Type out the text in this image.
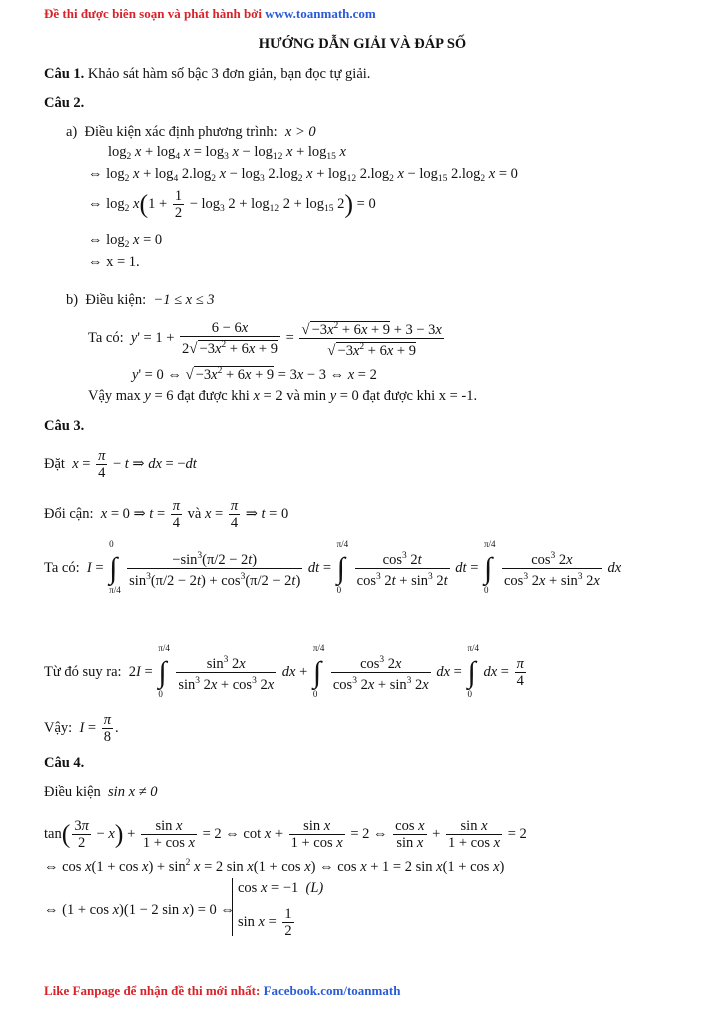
Đề thi được biên soạn và phát hành bởi www.toanmath.com
HƯỚNG DẪN GIẢI VÀ ĐÁP SỐ
Câu 1. Khảo sát hàm số bậc 3 đơn giản, bạn đọc tự giải.
Câu 2.
a) Điều kiện xác định phương trình: x > 0
$\log_2 x + \log_4 x = \log_3 x - \log_{12} x + \log_{15} x$
⇔ $\log_2 x + \log_4 2.\log_2$ $x - \log_3 2.\log_2$ $x + \log_{12} 2.\log_2$ $x - \log_{15} 2.\log_2$ x = 0
⇔ $\log_2 x(1 + \frac{1}{2} - \log_3 2 + \log_{12} 2 + \log_{15} 2) = 0$
⇔ $\log_2 x = 0$
⇔ x = 1.
b) Điều kiện: −1 ≤ x ≤ 3
Ta có: $y' = 1 + \frac{6 - 6x}{2√ -3x^2 + 6x + 9} = \frac{√ -3x^2 + 6x + 9 + 3 - 3x}{√ -3x^2 + 6x + 9}$
y' = 0 ⇔ √ $-3x^2 + 6x + 9 = 3x - 3$ ⇔ x = 2
Vậy max y = 6 đạt được khi x = 2 và min y = 0 đạt được khi x = -1.
Câu 3.
Đặt $x = \frac{\pi}{4} - t$ ⇒ dx = −dt
Đổi cận: x = 0 ⇒ $t = \frac{\pi}{4}$ và $x = \frac{\pi}{4}$ ⇒ t = 0
Ta có: I =
0
∫
π/4
$\frac{-\sin^3(\pi/2 - 2t)}{\sin^3(\pi/2 - 2t) + \cos^3(\pi/2 - 2t)}$ dt =
π/4
∫
0
$\frac{\cos^3 2t}{\cos^3 2t + \sin^3 2t}$ dt =
π/4
∫
0
$\frac{\cos^3 2x}{\cos^3 2x + \sin^3 2x}$ dx
Từ đó suy ra:  2I =
π/4
∫
0
$\frac{\sin^3 2x}{\sin^3 2x + \cos^3 2x}$ dx +
π/4
∫
0
$\frac{\cos^3 2x}{\cos^3 2x + \sin^3 2x}$ dx =
π/4
∫
0
dx = $\frac{\pi}{4}$
Vậy: $I = \frac{\pi}{8}$ .
Câu 4.
Điều kiện sin x ≠ 0
$\tan( \frac{3\pi}{2} - x) + \frac{\text{sin x}}{\text{1 + cos x}} = 2$ ⇔ $\cot x + \frac{\text{sin x}}{\text{1 + cos x}} = 2$ ⇔ $\frac{\text{cos x}}{\text{sin x}} + \frac{\text{sin x}}{\text{1 + cos x}} = 2$
⇔ $\cos x(1 + \cos x) + \sin^2 x = 2$ sin x(1 + cos x) ⇔ cos x + 1 = 2 sin x(1 + cos x)
⇔ (1 + cos x)(1 − 2 sin x) = 0 ⇔
cos x = −1  (L)
$\sin x = \frac{1}{2}$
Like Fanpage để nhận đề thi mới nhất: Facebook.com/toanmath
